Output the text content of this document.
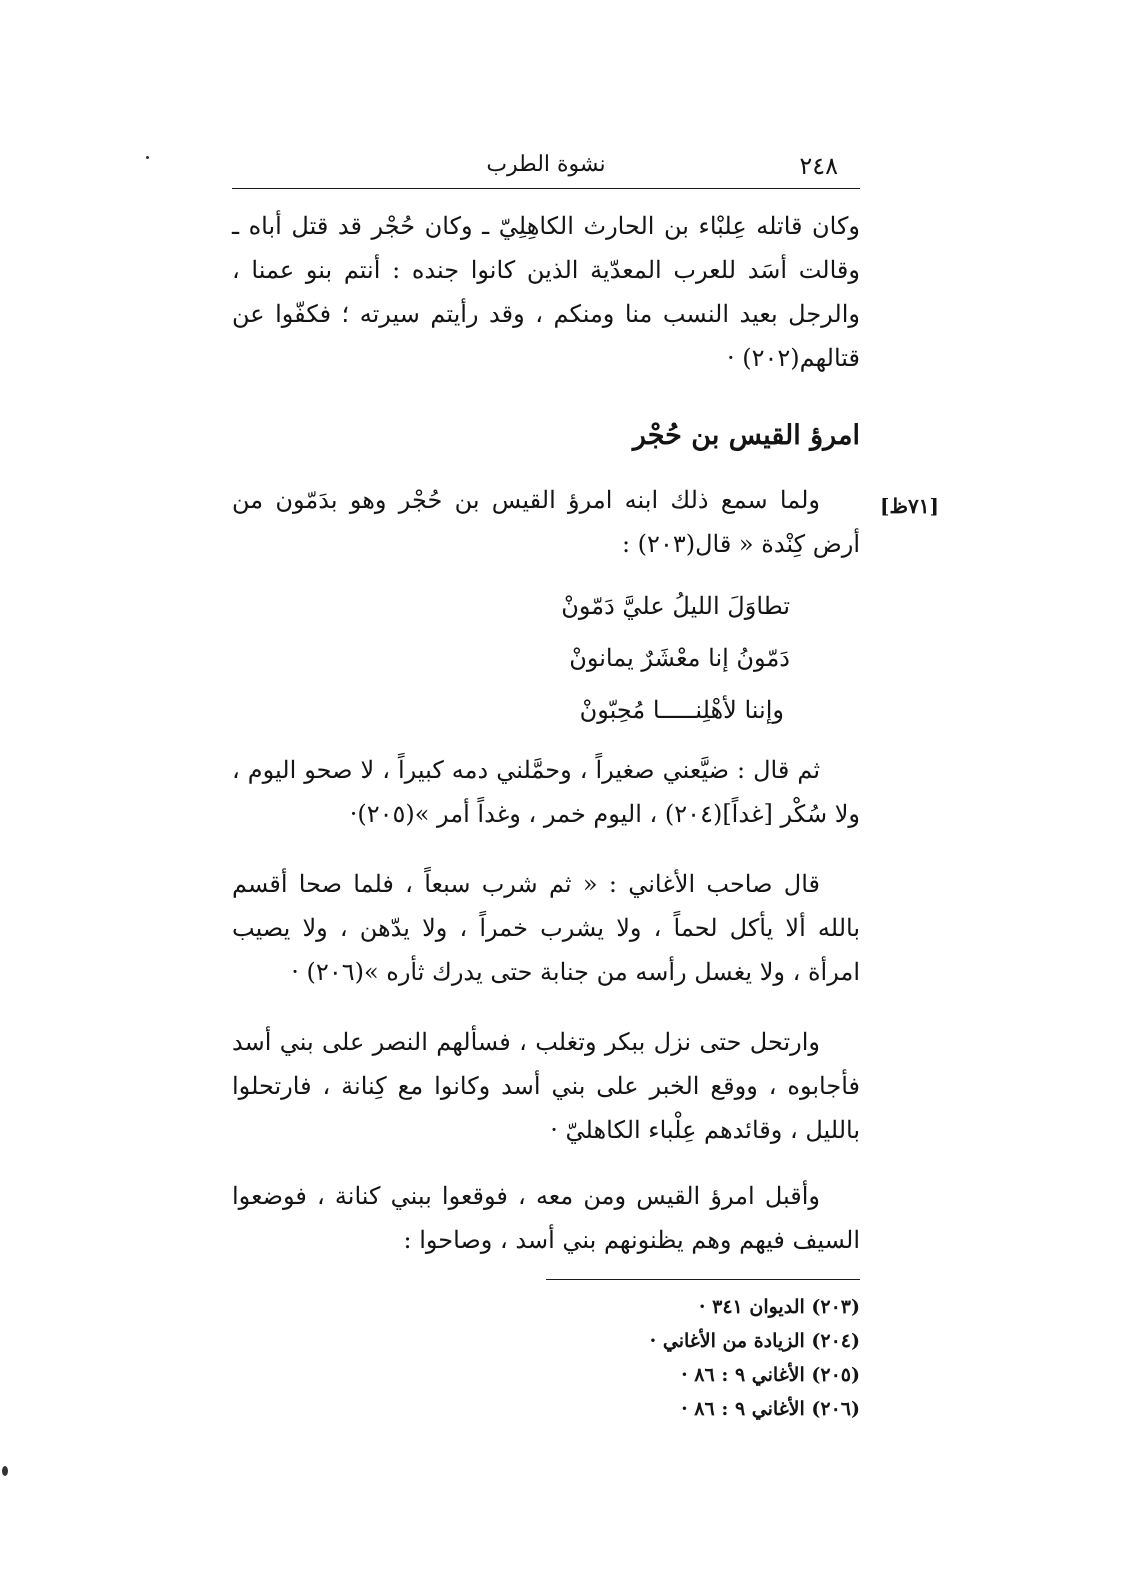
٢٤٨
نشوة الطرب

وكان قاتله عِلبْاء بن الحارث الكاهِلِيّ ـ وكان حُجْر قد قتل أباه ـ وقالت أسَد للعرب المعدّية الذين كانوا جنده : أنتم بنو عمنا ، والرجل بعيد النسب منا ومنكم ، وقد رأيتم سيرته ؛ فكفّوا عن قتالهم(٢٠٢) ·

امرؤ القيس بن حُجْر
[٧١ظ]

ولما سمع ذلك ابنه امرؤ القيس بن حُجْر وهو بدَمّون من أرض كِنْدة « قال(٢٠٣) :

تطاوَلَ الليلُ عليَّ دَمّونْ
دَمّونُ إنا معْشَرٌ يمانونْ
وإننا لأهْلِنـــــا مُحِبّونْ

ثم قال : ضيَّعني صغيراً ، وحمَّلني دمه كبيراً ، لا صحو اليوم ، ولا سُكْر [غداً](٢٠٤) ، اليوم خمر ، وغداً أمر »(٢٠٥)·

قال صاحب الأغاني : « ثم شرب سبعاً ، فلما صحا أقسم بالله ألا يأكل لحماً ، ولا يشرب خمراً ، ولا يدّهن ، ولا يصيب امرأة ، ولا يغسل رأسه من جنابة حتى يدرك ثأره »(٢٠٦) ·

وارتحل حتى نزل ببكر وتغلب ، فسألهم النصر على بني أسد فأجابوه ، ووقع الخبر على بني أسد وكانوا مع كِنانة ، فارتحلوا بالليل ، وقائدهم عِلْباء الكاهليّ ·

وأقبل امرؤ القيس ومن معه ، فوقعوا ببني كنانة ، فوضعوا السيف فيهم وهم يظنونهم بني أسد ، وصاحوا :

(٢٠٣) الديوان ٣٤١ ·
(٢٠٤) الزيادة من الأغاني ·
(٢٠٥) الأغاني ٩ : ٨٦ ·
(٢٠٦) الأغاني ٩ : ٨٦ ·
